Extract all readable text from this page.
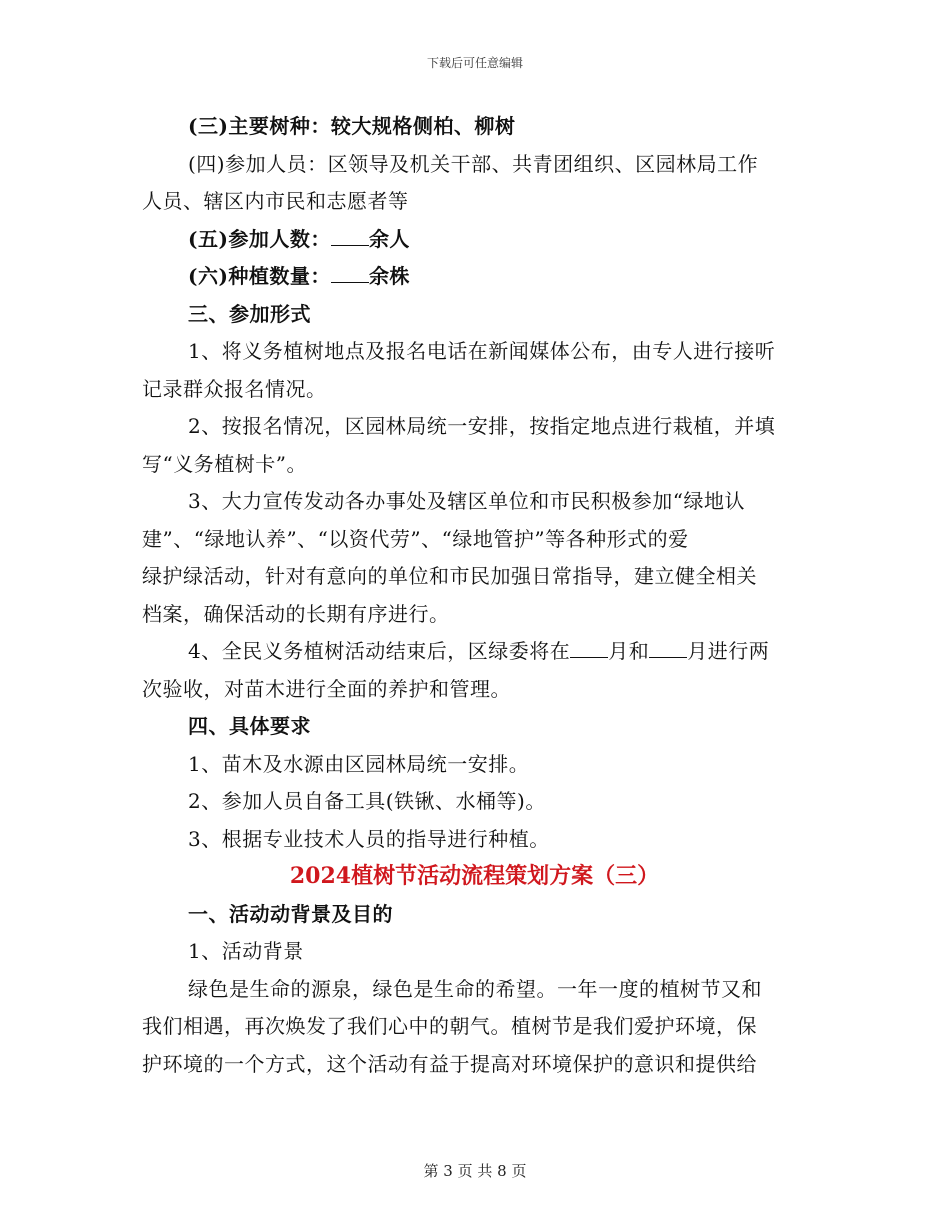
下载后可任意编辑
(三)主要树种：较大规格侧柏、柳树
(四)参加人员：区领导及机关干部、共青团组织、区园林局工作
人员、辖区内市民和志愿者等
(五)参加人数： 余人
(六)种植数量： 余株
三、参加形式
1、将义务植树地点及报名电话在新闻媒体公布，由专人进行接听
记录群众报名情况。
2、按报名情况，区园林局统一安排，按指定地点进行栽植，并填
写“义务植树卡”。
3、大力宣传发动各办事处及辖区单位和市民积极参加“绿地认
建”、“绿地认养”、“以资代劳”、“绿地管护”等各种形式的爱
绿护绿活动，针对有意向的单位和市民加强日常指导，建立健全相关
档案，确保活动的长期有序进行。
4、全民义务植树活动结束后，区绿委将在 月和 月进行两
次验收，对苗木进行全面的养护和管理。
四、具体要求
1、苗木及水源由区园林局统一安排。
2、参加人员自备工具(铁锹、水桶等)。
3、根据专业技术人员的指导进行种植。
2024植树节活动流程策划方案（三）
一、活动动背景及目的
1、活动背景
绿色是生命的源泉，绿色是生命的希望。一年一度的植树节又和
我们相遇，再次焕发了我们心中的朝气。植树节是我们爱护环境，保
护环境的一个方式，这个活动有益于提高对环境保护的意识和提供给
第 3 页 共 8 页
